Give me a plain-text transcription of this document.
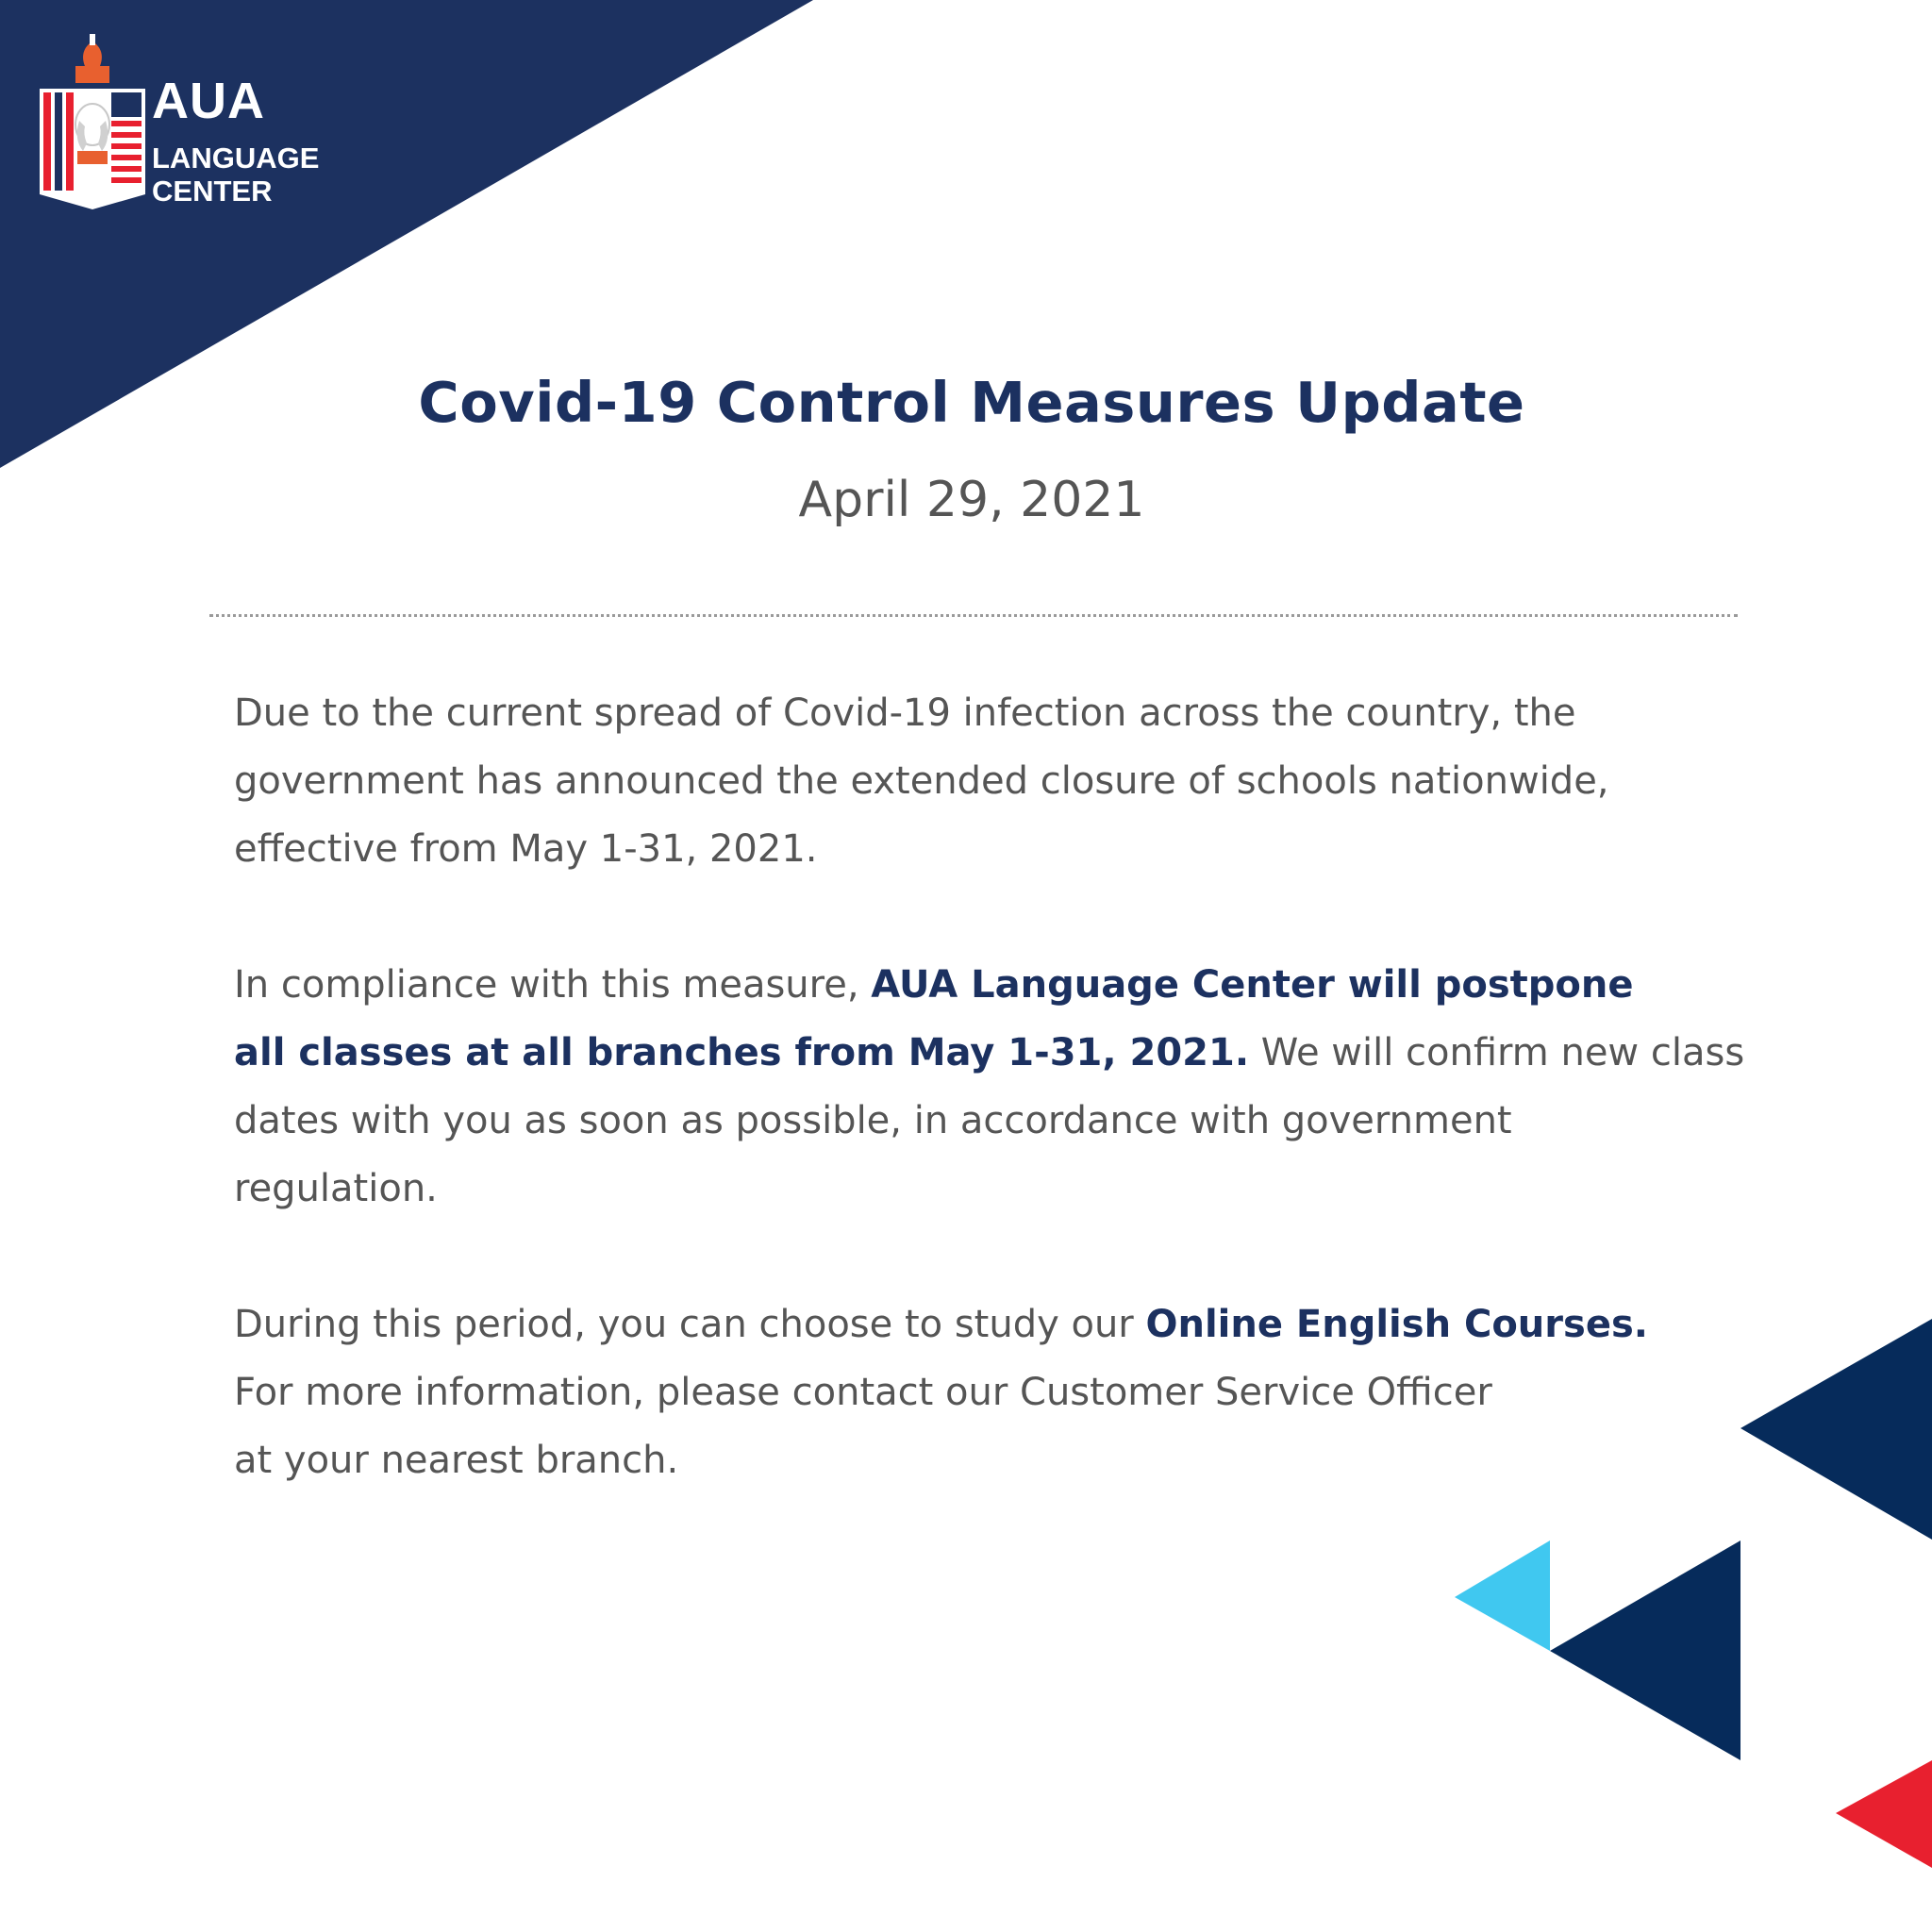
AUA
LANGUAGE
CENTER
Covid-19 Control Measures Update
April 29, 2021

Due to the current spread of Covid-19 infection across the country, the
government has announced the extended closure of schools nationwide,
effective from May 1-31, 2021.

In compliance with this measure, AUA Language Center will postpone
all classes at all branches from May 1-31, 2021. We will confirm new class
dates with you as soon as possible, in accordance with government
regulation.

During this period, you can choose to study our Online English Courses.
For more information, please contact our Customer Service Officer
at your nearest branch.
